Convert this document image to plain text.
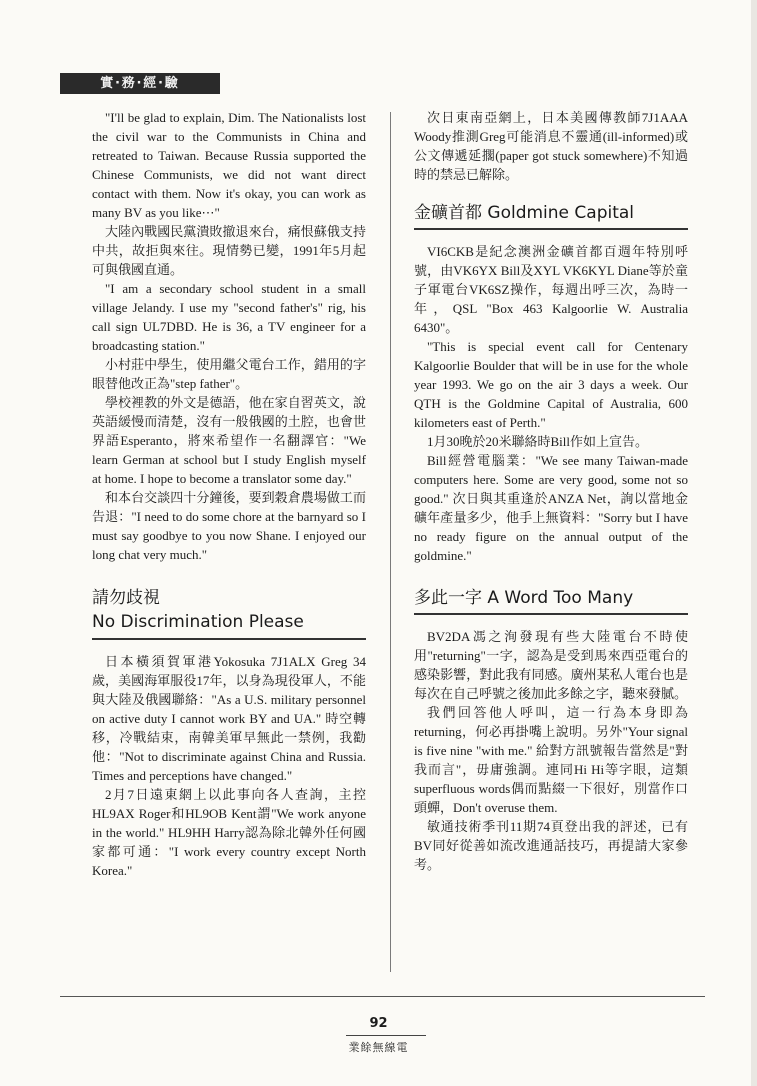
實‧務‧經‧驗

"I'll be glad to explain, Dim. The Nationalists lost the civil war to the Communists in China and retreated to Taiwan. Because Russia supported the Chinese Communists, we did not want direct contact with them. Now it's okay, you can work as many BV as you like⋯"

大陸內戰國民黨潰敗撤退來台，痛恨蘇俄支持中共，故拒與來往。現情勢已變，1991年5月起可與俄國直通。

"I am a secondary school student in a small village Jelandy. I use my "second father's" rig, his call sign UL7DBD. He is 36, a TV engineer for a broadcasting station."

小村莊中學生，使用繼父電台工作，錯用的字眼替他改正為"step father"。

學校裡教的外文是德語，他在家自習英文，說英語緩慢而清楚，沒有一般俄國的土腔，也會世界語Esperanto，將來希望作一名翻譯官："We learn German at school but I study English myself at home. I hope to become a translator some day."

和本台交談四十分鐘後，要到穀倉農場做工而告退："I need to do some chore at the barnyard so I must say goodbye to you now Shane. I enjoyed our long chat very much."

請勿歧視
No Discrimination Please

日本橫須賀軍港Yokosuka 7J1ALX Greg 34歲，美國海軍服役17年，以身為現役軍人，不能與大陸及俄國聯絡："As a U.S. military personnel on active duty I cannot work BY and UA." 時空轉移，冷戰結束，南韓美軍早無此一禁例，我勸他："Not to discriminate against China and Russia. Times and perceptions have changed."

2月7日遠東網上以此事向各人查詢，主控HL9AX Roger和HL9OB Kent謂"We work anyone in the world." HL9HH Harry認為除北韓外任何國家都可通："I work every country except North Korea."

次日東南亞網上，日本美國傳教師7J1AAA Woody推測Greg可能消息不靈通(ill-informed)或公文傳遞延擱(paper got stuck somewhere)不知過時的禁忌已解除。

金礦首都 Goldmine Capital

VI6CKB是紀念澳洲金礦首都百週年特別呼號，由VK6YX Bill及XYL VK6KYL Diane等於童子軍電台VK6SZ操作，每週出呼三次，為時一年，QSL "Box 463 Kalgoorlie W. Australia 6430"。

"This is special event call for Centenary Kalgoorlie Boulder that will be in use for the whole year 1993. We go on the air 3 days a week. Our QTH is the Goldmine Capital of Australia, 600 kilometers east of Perth."

1月30晚於20米聯絡時Bill作如上宣告。

Bill經營電腦業："We see many Taiwan-made computers here. Some are very good, some not so good." 次日與其重逢於ANZA Net，詢以當地金礦年產量多少，他手上無資料："Sorry but I have no ready figure on the annual output of the goldmine."

多此一字 A Word Too Many

BV2DA馮之洵發現有些大陸電台不時使用"returning"一字，認為是受到馬來西亞電台的感染影響，對此我有同感。廣州某私人電台也是每次在自己呼號之後加此多餘之字，聽來發膩。

我們回答他人呼叫，這一行為本身即為returning，何必再掛嘴上說明。另外"Your signal is five nine "with me." 給對方訊號報告當然是"對我而言"，毋庸強調。連同Hi Hi等字眼，這類superfluous words偶而點綴一下很好，別當作口頭蟬，Don't overuse them.

敏通技術季刊11期74頁登出我的評述，已有BV同好從善如流改進通話技巧，再提請大家參考。

92
業餘無線電
